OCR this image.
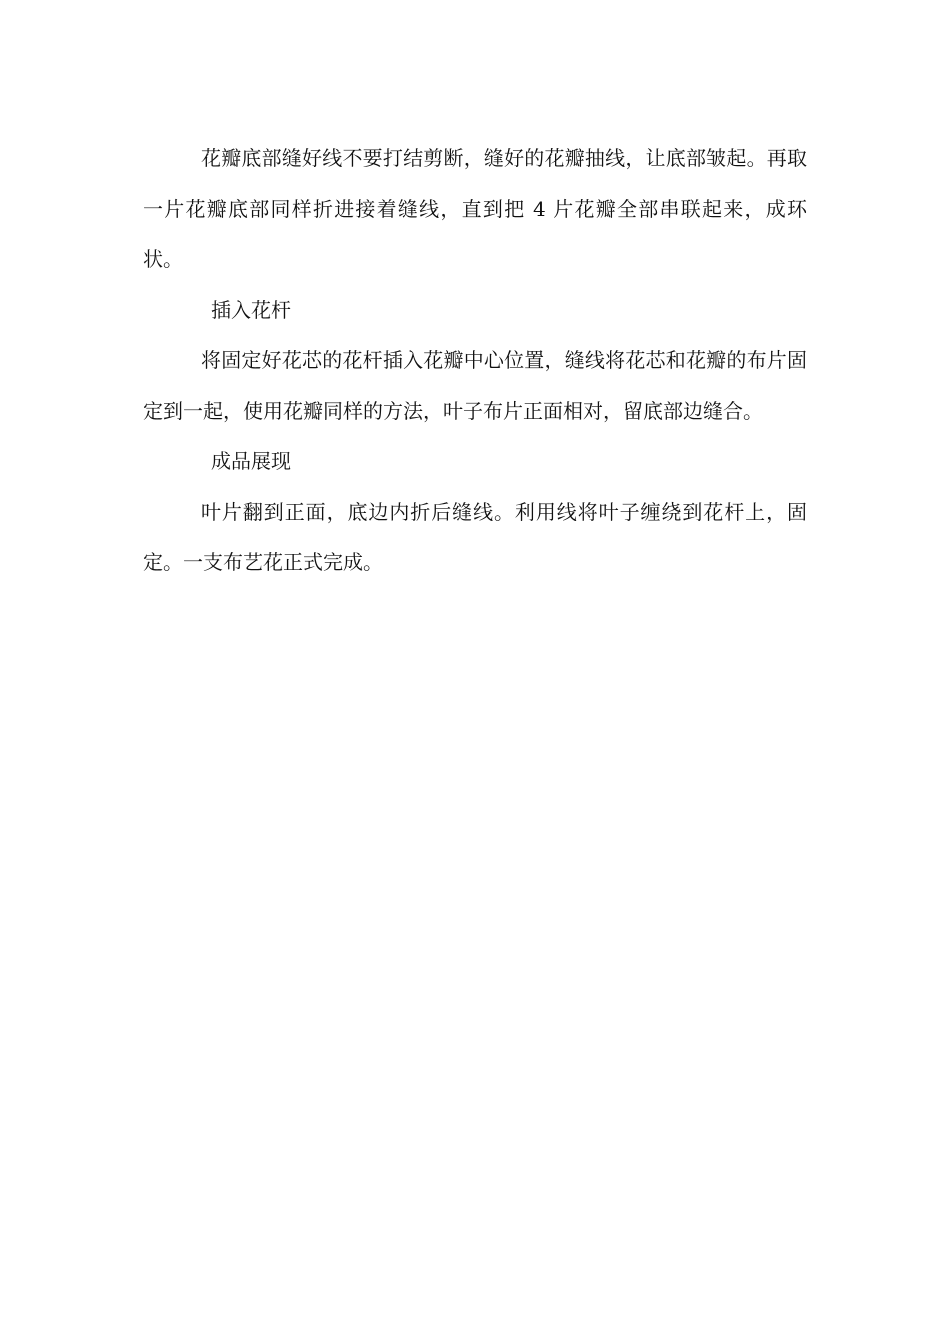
花瓣底部缝好线不要打结剪断，缝好的花瓣抽线，让底部皱起。再取一片花瓣底部同样折进接着缝线，直到把 4 片花瓣全部串联起来，成环状。

插入花杆

将固定好花芯的花杆插入花瓣中心位置，缝线将花芯和花瓣的布片固定到一起，使用花瓣同样的方法，叶子布片正面相对，留底部边缝合。

成品展现

叶片翻到正面，底边内折后缝线。利用线将叶子缠绕到花杆上，固定。一支布艺花正式完成。
